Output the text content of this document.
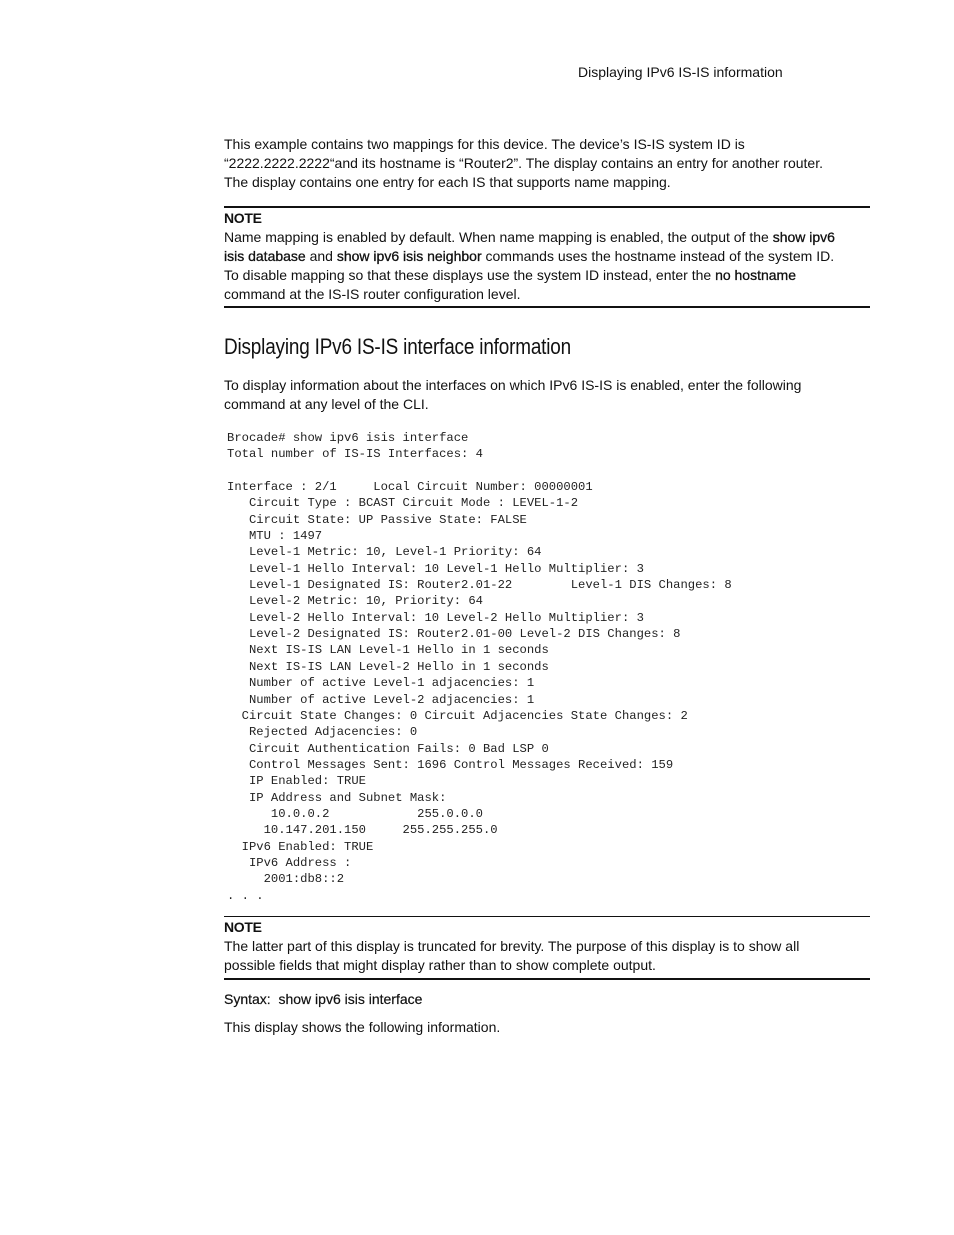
Displaying IPv6 IS-IS information
This example contains two mappings for this device. The device’s IS-IS system ID is
“2222.2222.2222“and its hostname is “Router2”. The display contains an entry for another router.
The display contains one entry for each IS that supports name mapping.
NOTE
Name mapping is enabled by default. When name mapping is enabled, the output of the show ipv6
isis database and show ipv6 isis neighbor commands uses the hostname instead of the system ID.
To disable mapping so that these displays use the system ID instead, enter the no hostname
command at the IS-IS router configuration level.
Displaying IPv6 IS-IS interface information
To display information about the interfaces on which IPv6 IS-IS is enabled, enter the following
command at any level of the CLI.
Brocade# show ipv6 isis interface
Total number of IS-IS Interfaces: 4

Interface : 2/1     Local Circuit Number: 00000001
Circuit Type : BCAST Circuit Mode : LEVEL-1-2
Circuit State: UP Passive State: FALSE
MTU : 1497
Level-1 Metric: 10, Level-1 Priority: 64
Level-1 Hello Interval: 10 Level-1 Hello Multiplier: 3
Level-1 Designated IS: Router2.01-22        Level-1 DIS Changes: 8
Level-2 Metric: 10, Priority: 64
Level-2 Hello Interval: 10 Level-2 Hello Multiplier: 3
Level-2 Designated IS: Router2.01-00 Level-2 DIS Changes: 8
Next IS-IS LAN Level-1 Hello in 1 seconds
Next IS-IS LAN Level-2 Hello in 1 seconds
Number of active Level-1 adjacencies: 1
Number of active Level-2 adjacencies: 1
Circuit State Changes: 0 Circuit Adjacencies State Changes: 2
Rejected Adjacencies: 0
Circuit Authentication Fails: 0 Bad LSP 0
Control Messages Sent: 1696 Control Messages Received: 159
IP Enabled: TRUE
IP Address and Subnet Mask:
10.0.0.2            255.0.0.0
10.147.201.150     255.255.255.0
IPv6 Enabled: TRUE
IPv6 Address :
2001:db8::2
. . .

NOTE
The latter part of this display is truncated for brevity. The purpose of this display is to show all
possible fields that might display rather than to show complete output.
Syntax: show ipv6 isis interface
This display shows the following information.
